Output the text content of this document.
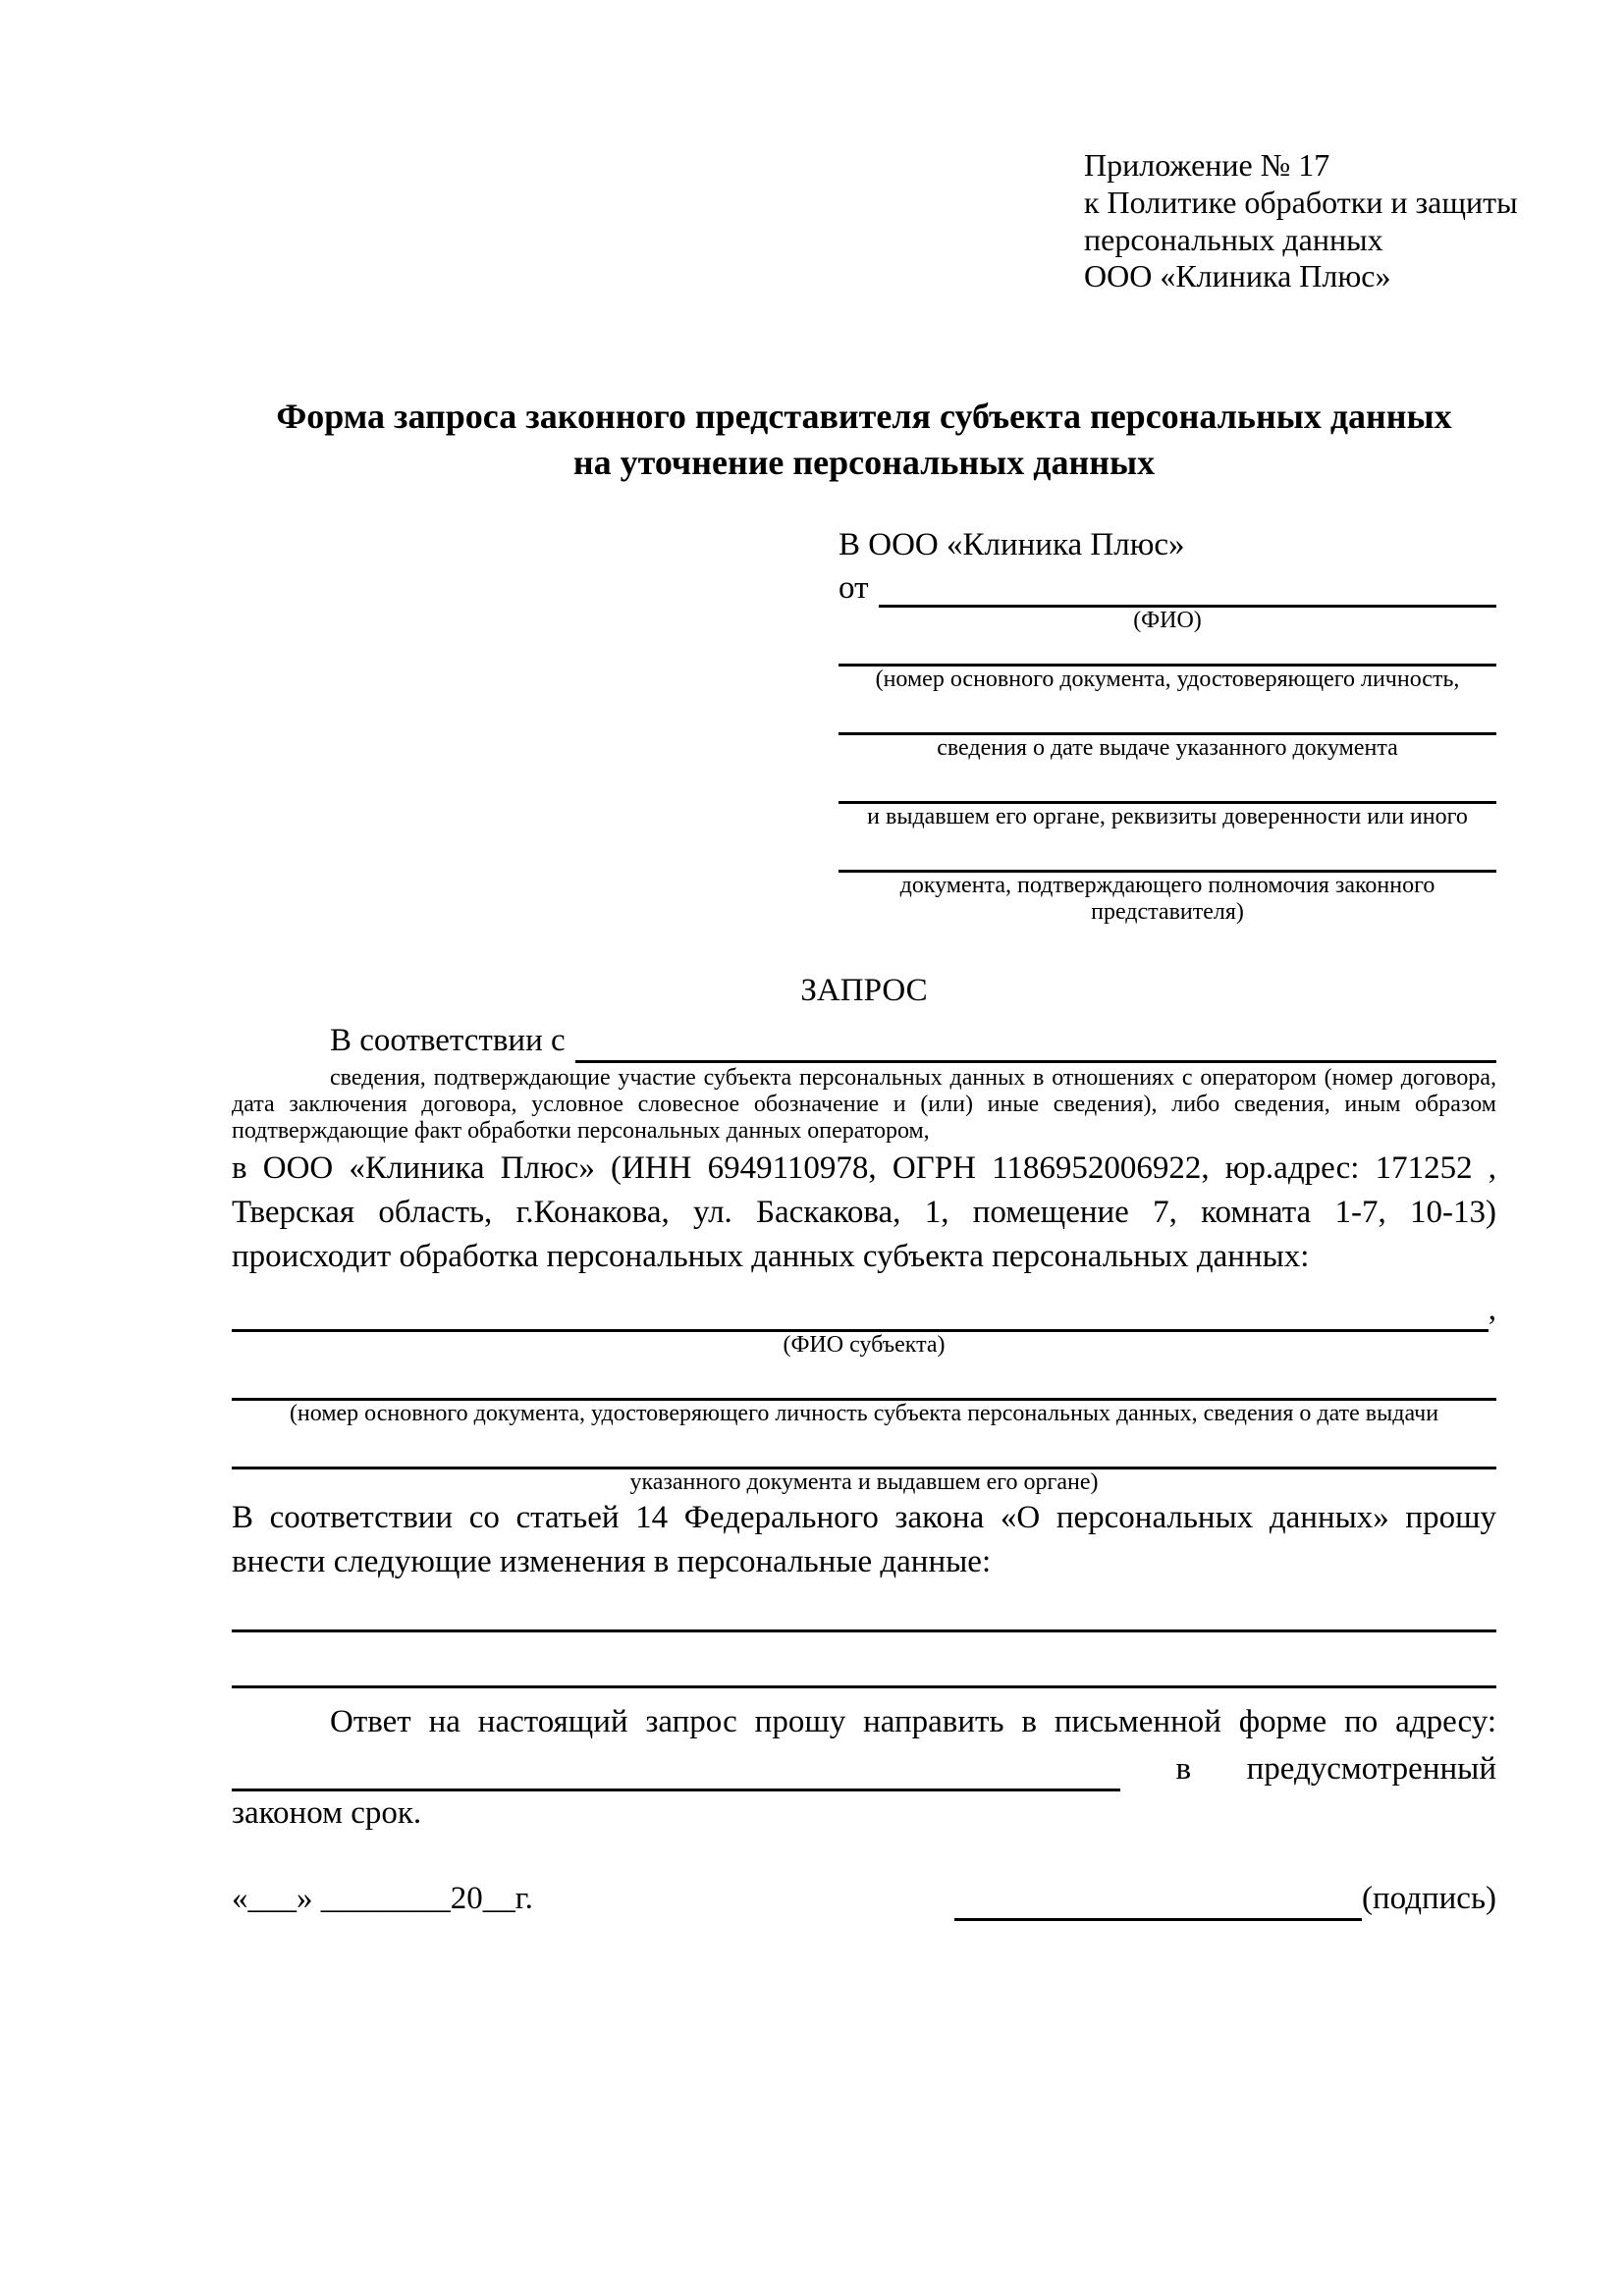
Приложение № 17
к Политике обработки и защиты
персональных данных
ООО «Клиника Плюс»
Форма запроса законного представителя субъекта персональных данных
на уточнение персональных данных
В ООО «Клиника Плюс»
от
(ФИО)
(номер основного документа, удостоверяющего личность,
сведения о дате выдаче указанного документа
и выдавшем его органе, реквизиты доверенности или иного
документа, подтверждающего полномочия законного представителя)
ЗАПРОС
В соответствии с
сведения, подтверждающие участие субъекта персональных данных в отношениях с оператором (номер договора, дата заключения договора, условное словесное обозначение и (или) иные сведения), либо сведения, иным образом подтверждающие факт обработки персональных данных оператором,
в ООО «Клиника Плюс» (ИНН 6949110978, ОГРН 1186952006922, юр.адрес: 171252 , Тверская область, г.Конакова, ул. Баскакова, 1, помещение 7, комната 1-7, 10-13) происходит обработка персональных данных субъекта персональных данных:
,
(ФИО субъекта)
(номер основного документа, удостоверяющего личность субъекта персональных данных, сведения о дате выдачи
указанного документа и выдавшем его органе)
В соответствии со статьей 14 Федерального закона «О персональных данных» прошу внести следующие изменения в персональные данные:
Ответ на настоящий запрос прошу направить в письменной форме по адресу:
в предусмотренный
законом срок.
«___» ________20__г.	(подпись)
